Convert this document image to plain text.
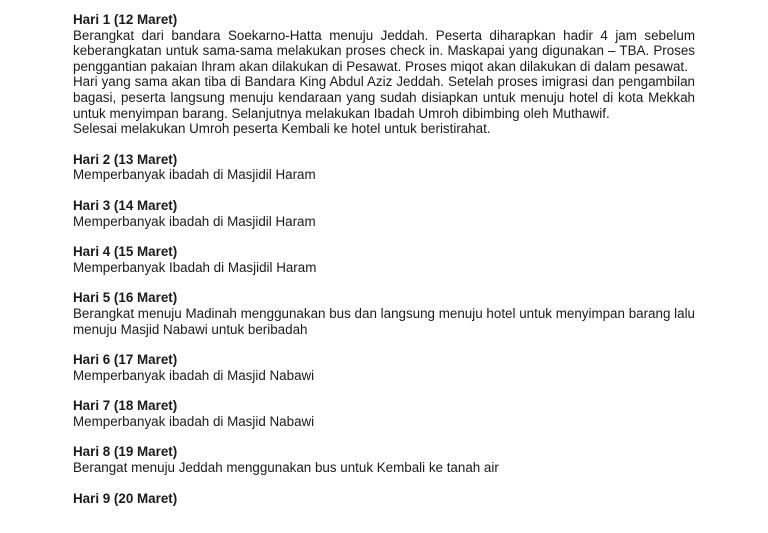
Hari 1 (12 Maret)

Berangkat dari bandara Soekarno-Hatta menuju Jeddah. Peserta diharapkan hadir 4 jam sebelum keberangkatan untuk sama-sama melakukan proses check in. Maskapai yang digunakan – TBA. Proses penggantian pakaian Ihram akan dilakukan di Pesawat. Proses miqot akan dilakukan di dalam pesawat.

Hari yang sama akan tiba di Bandara King Abdul Aziz Jeddah. Setelah proses imigrasi dan pengambilan bagasi, peserta langsung menuju kendaraan yang sudah disiapkan untuk menuju hotel di kota Mekkah untuk menyimpan barang. Selanjutnya melakukan Ibadah Umroh dibimbing oleh Muthawif.

Selesai melakukan Umroh peserta Kembali ke hotel untuk beristirahat.

Hari 2 (13 Maret)

Memperbanyak ibadah di Masjidil Haram

Hari 3 (14 Maret)

Memperbanyak ibadah di Masjidil Haram

Hari 4 (15 Maret)

Memperbanyak Ibadah di Masjidil Haram

Hari 5 (16 Maret)

Berangkat menuju Madinah menggunakan bus dan langsung menuju hotel untuk menyimpan barang lalu menuju Masjid Nabawi untuk beribadah

Hari 6 (17 Maret)

Memperbanyak ibadah di Masjid Nabawi

Hari 7 (18 Maret)

Memperbanyak ibadah di Masjid Nabawi

Hari 8 (19 Maret)

Berangat menuju Jeddah menggunakan bus untuk Kembali ke tanah air

Hari 9 (20 Maret)
